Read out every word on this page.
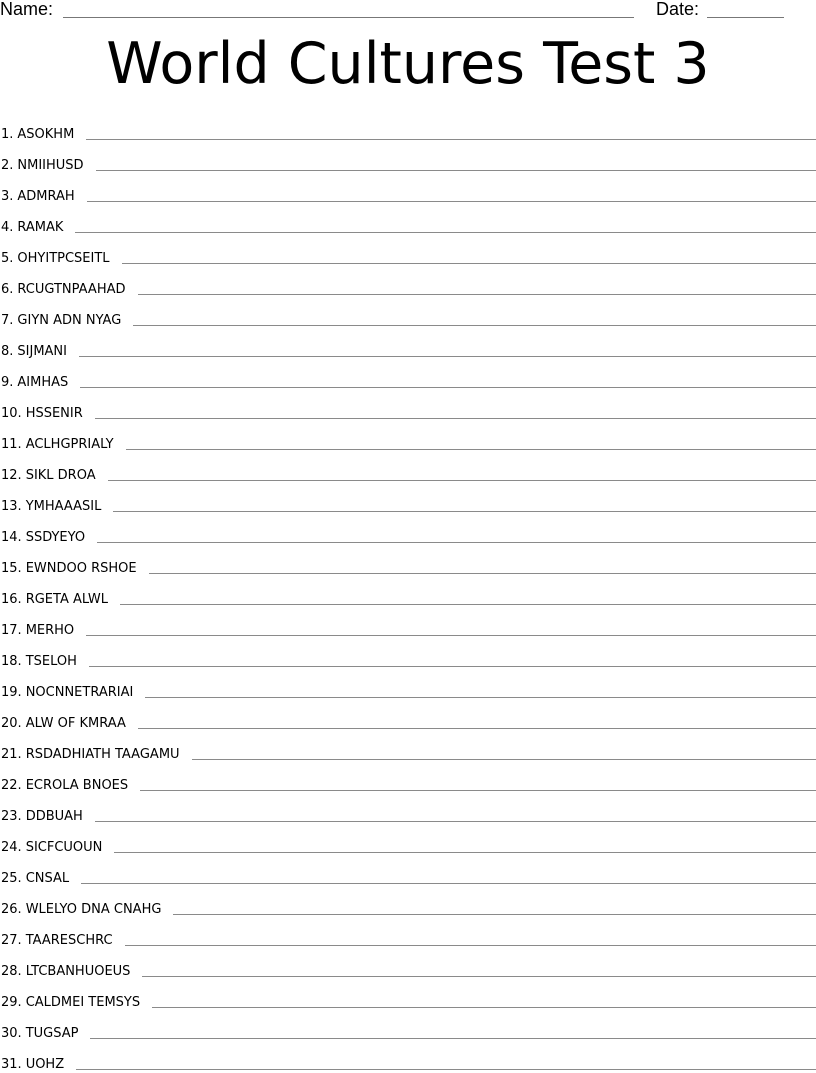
Name:	Date:
World Cultures Test 3
1. ASOKHM
2. NMIIHUSD
3. ADMRAH
4. RAMAK
5. OHYITPCSEITL
6. RCUGTNPAAHAD
7. GIYN ADN NYAG
8. SIJMANI
9. AIMHAS
10. HSSENIR
11. ACLHGPRIALY
12. SIKL DROA
13. YMHAAASIL
14. SSDYEYO
15. EWNDOO RSHOE
16. RGETA ALWL
17. MERHO
18. TSELOH
19. NOCNNETRARIAI
20. ALW OF KMRAA
21. RSDADHIATH TAAGAMU
22. ECROLA BNOES
23. DDBUAH
24. SICFCUOUN
25. CNSAL
26. WLELYO DNA CNAHG
27. TAARESCHRC
28. LTCBANHUOEUS
29. CALDMEI TEMSYS
30. TUGSAP
31. UOHZ
